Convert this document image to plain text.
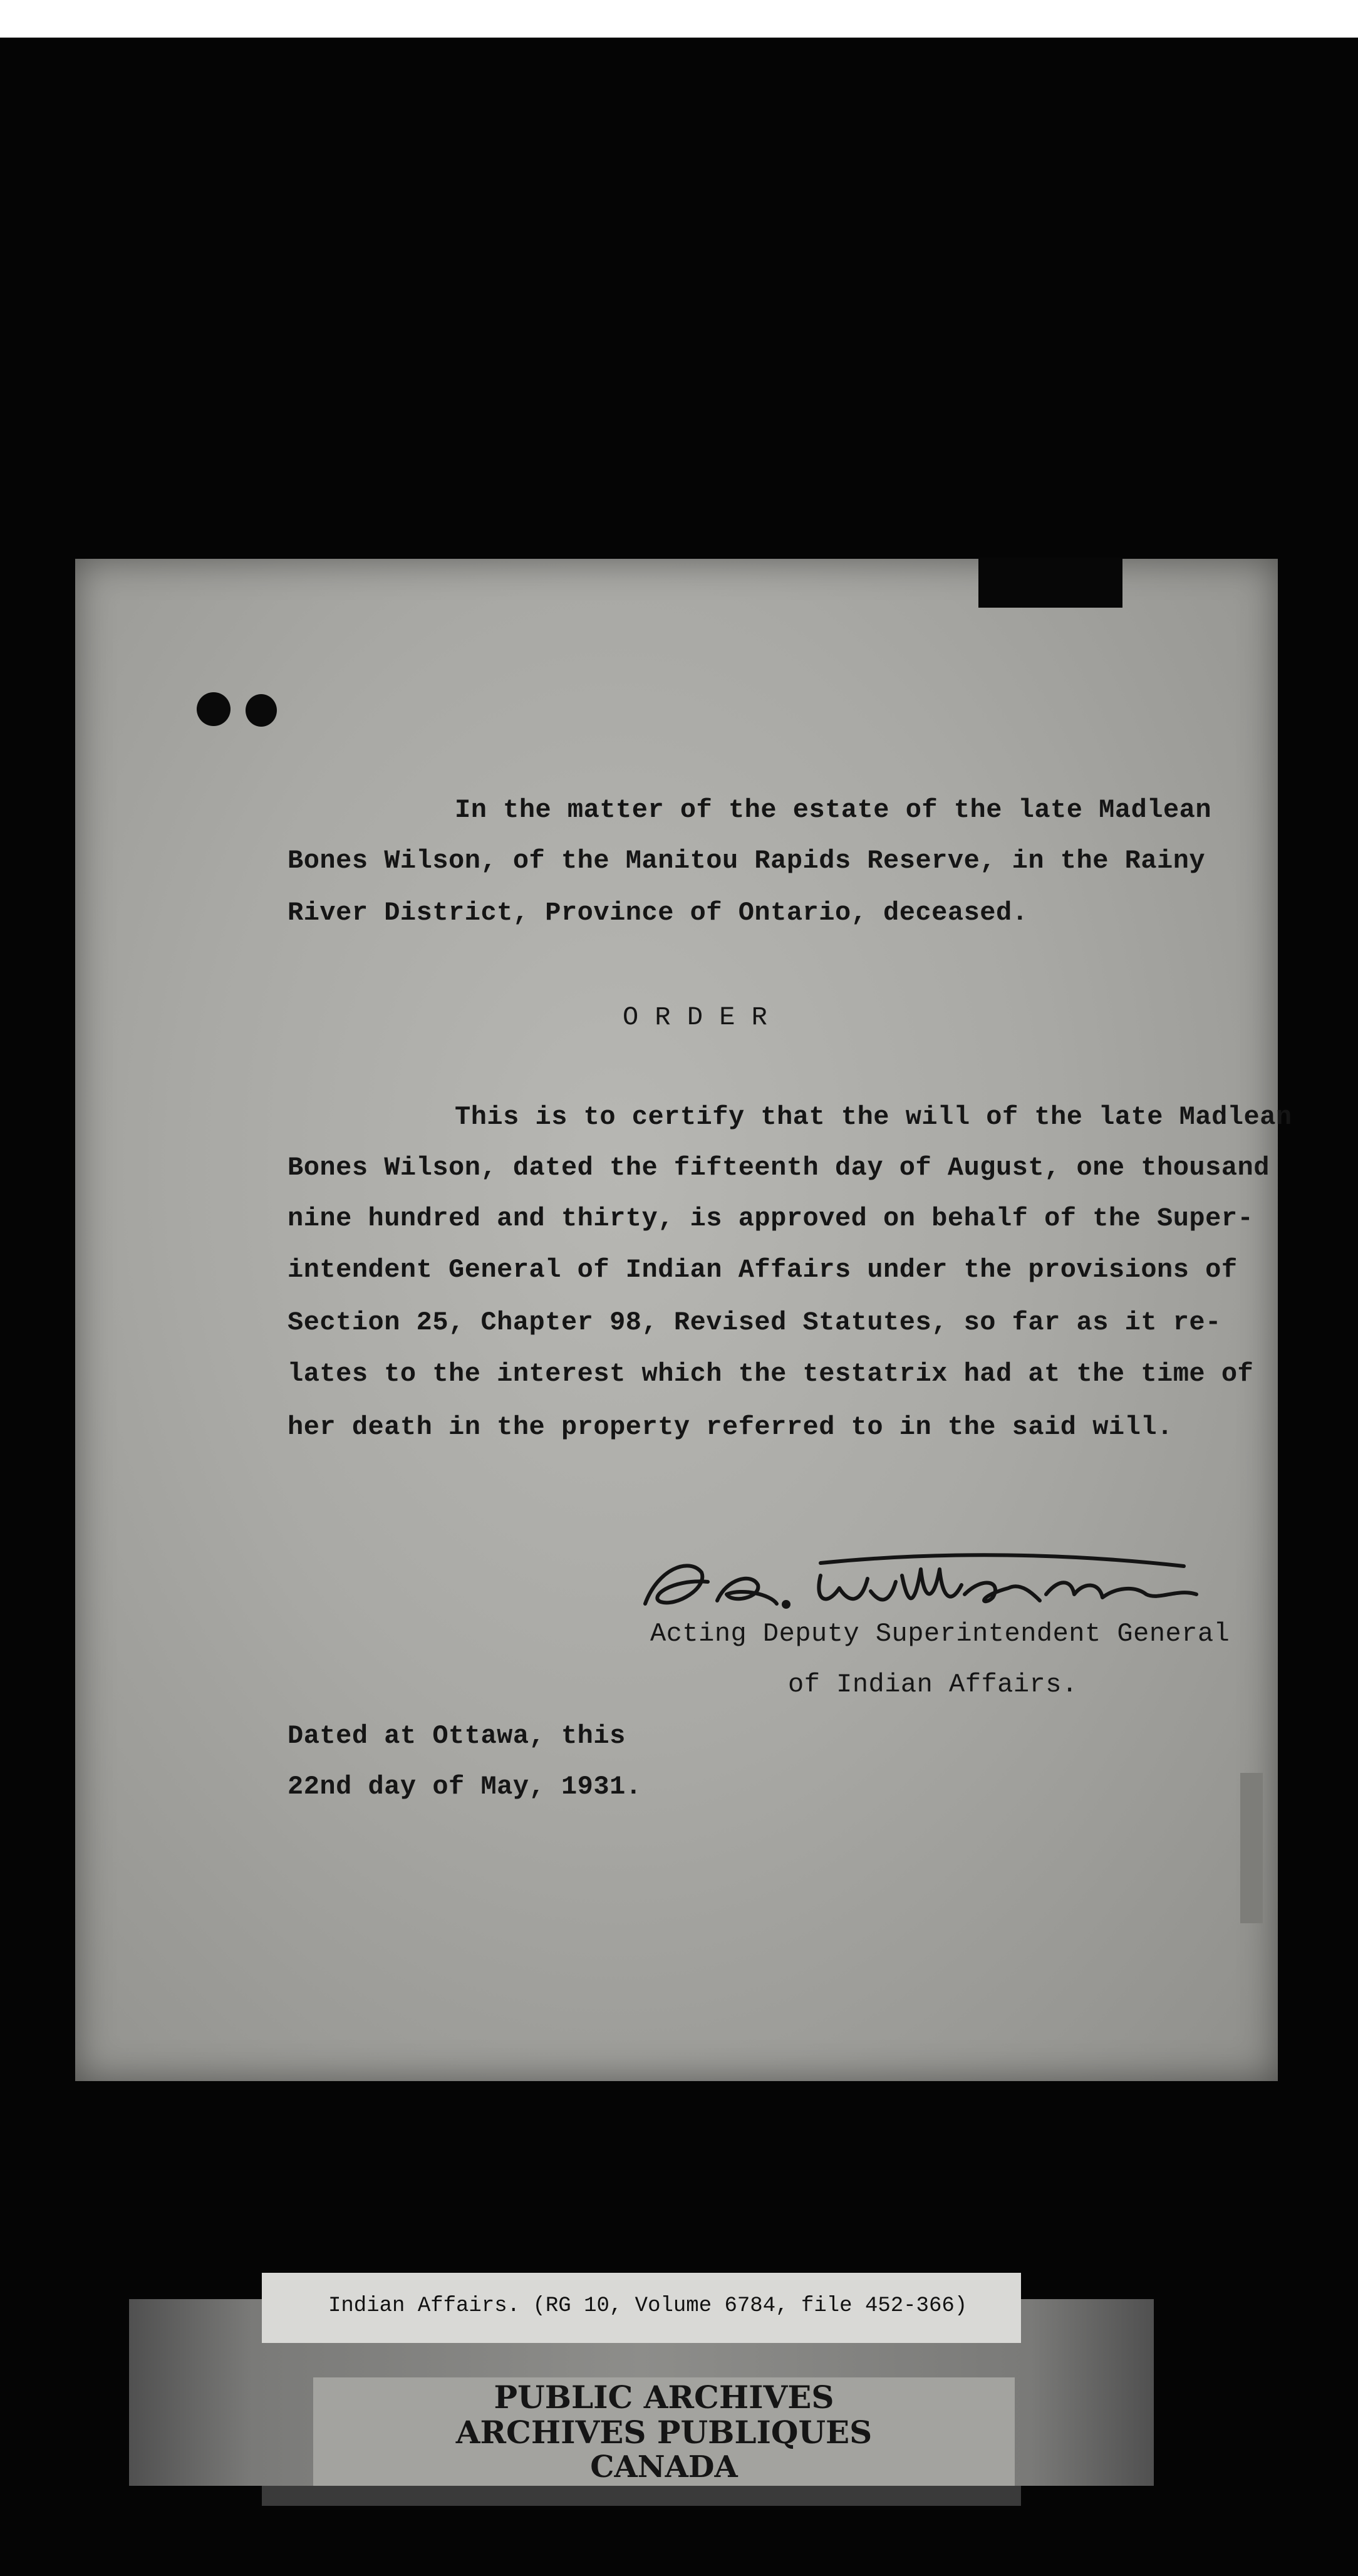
In the matter of the estate of the late Madlean

Bones Wilson, of the Manitou Rapids Reserve, in the Rainy

River District, Province of Ontario, deceased.

O R D E R

This is to certify that the will of the late Madlean

Bones Wilson, dated the fifteenth day of August, one thousand

nine hundred and thirty, is approved on behalf of the Super-

intendent General of Indian Affairs under the provisions of

Section 25, Chapter 98, Revised Statutes, so far as it re-

lates to the interest which the testatrix had at the time of

her death in the property referred to in the said will.

Acting Deputy Superintendent General

of Indian Affairs.

Dated at Ottawa, this

22nd day of May, 1931.

Indian Affairs. (RG 10, Volume 6784, file 452-366)

PUBLIC ARCHIVES

ARCHIVES PUBLIQUES

CANADA
